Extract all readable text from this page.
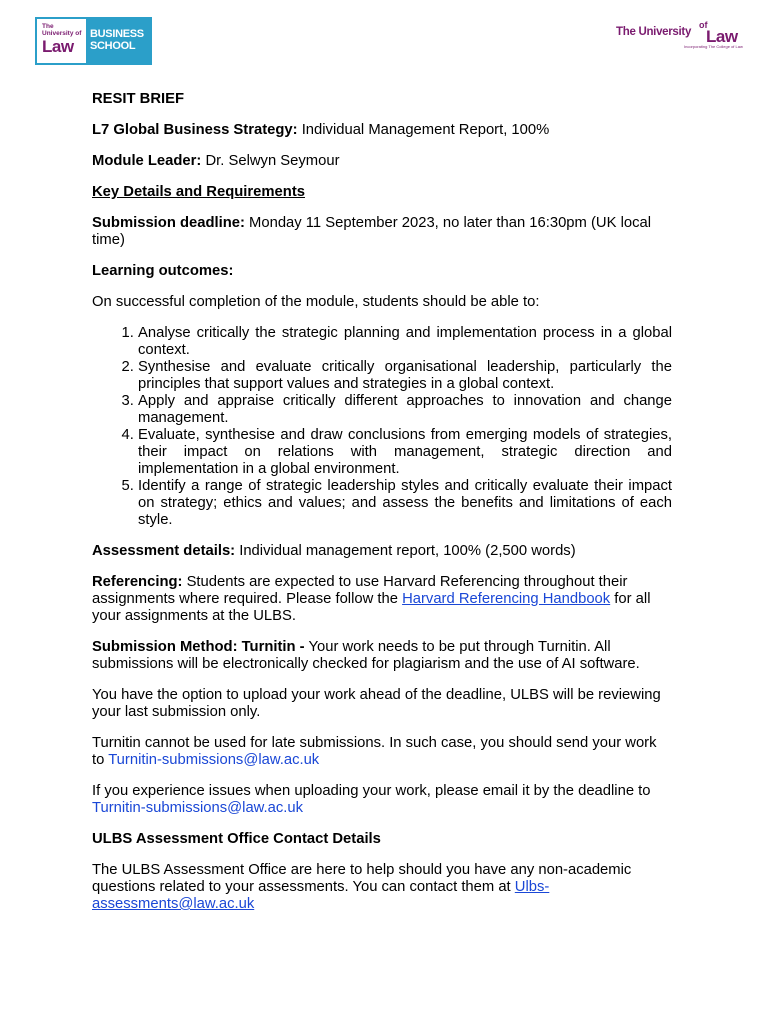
The
University of
Law
BUSINESS
SCHOOL
The University
of
Law
Incorporating The College of Law

RESIT BRIEF

L7 Global Business Strategy: Individual Management Report, 100%

Module Leader: Dr. Selwyn Seymour

Key Details and Requirements

Submission deadline: Monday 11 September 2023, no later than 16:30pm (UK local time)

Learning outcomes:

On successful completion of the module, students should be able to:

1. Analyse critically the strategic planning and implementation process in a global context.
2. Synthesise and evaluate critically organisational leadership, particularly the principles that support values and strategies in a global context.
3. Apply and appraise critically different approaches to innovation and change management.
4. Evaluate, synthesise and draw conclusions from emerging models of strategies, their impact on relations with management, strategic direction and implementation in a global environment.
5. Identify a range of strategic leadership styles and critically evaluate their impact on strategy; ethics and values; and assess the benefits and limitations of each style.

Assessment details: Individual management report, 100% (2,500 words)

Referencing: Students are expected to use Harvard Referencing throughout their assignments where required. Please follow the Harvard Referencing Handbook for all your assignments at the ULBS.

Submission Method: Turnitin - Your work needs to be put through Turnitin. All submissions will be electronically checked for plagiarism and the use of AI software.

You have the option to upload your work ahead of the deadline, ULBS will be reviewing your last submission only.

Turnitin cannot be used for late submissions. In such case, you should send your work to Turnitin-submissions@law.ac.uk

If you experience issues when uploading your work, please email it by the deadline to Turnitin-submissions@law.ac.uk

ULBS Assessment Office Contact Details

The ULBS Assessment Office are here to help should you have any non-academic questions related to your assessments. You can contact them at Ulbs-assessments@law.ac.uk
